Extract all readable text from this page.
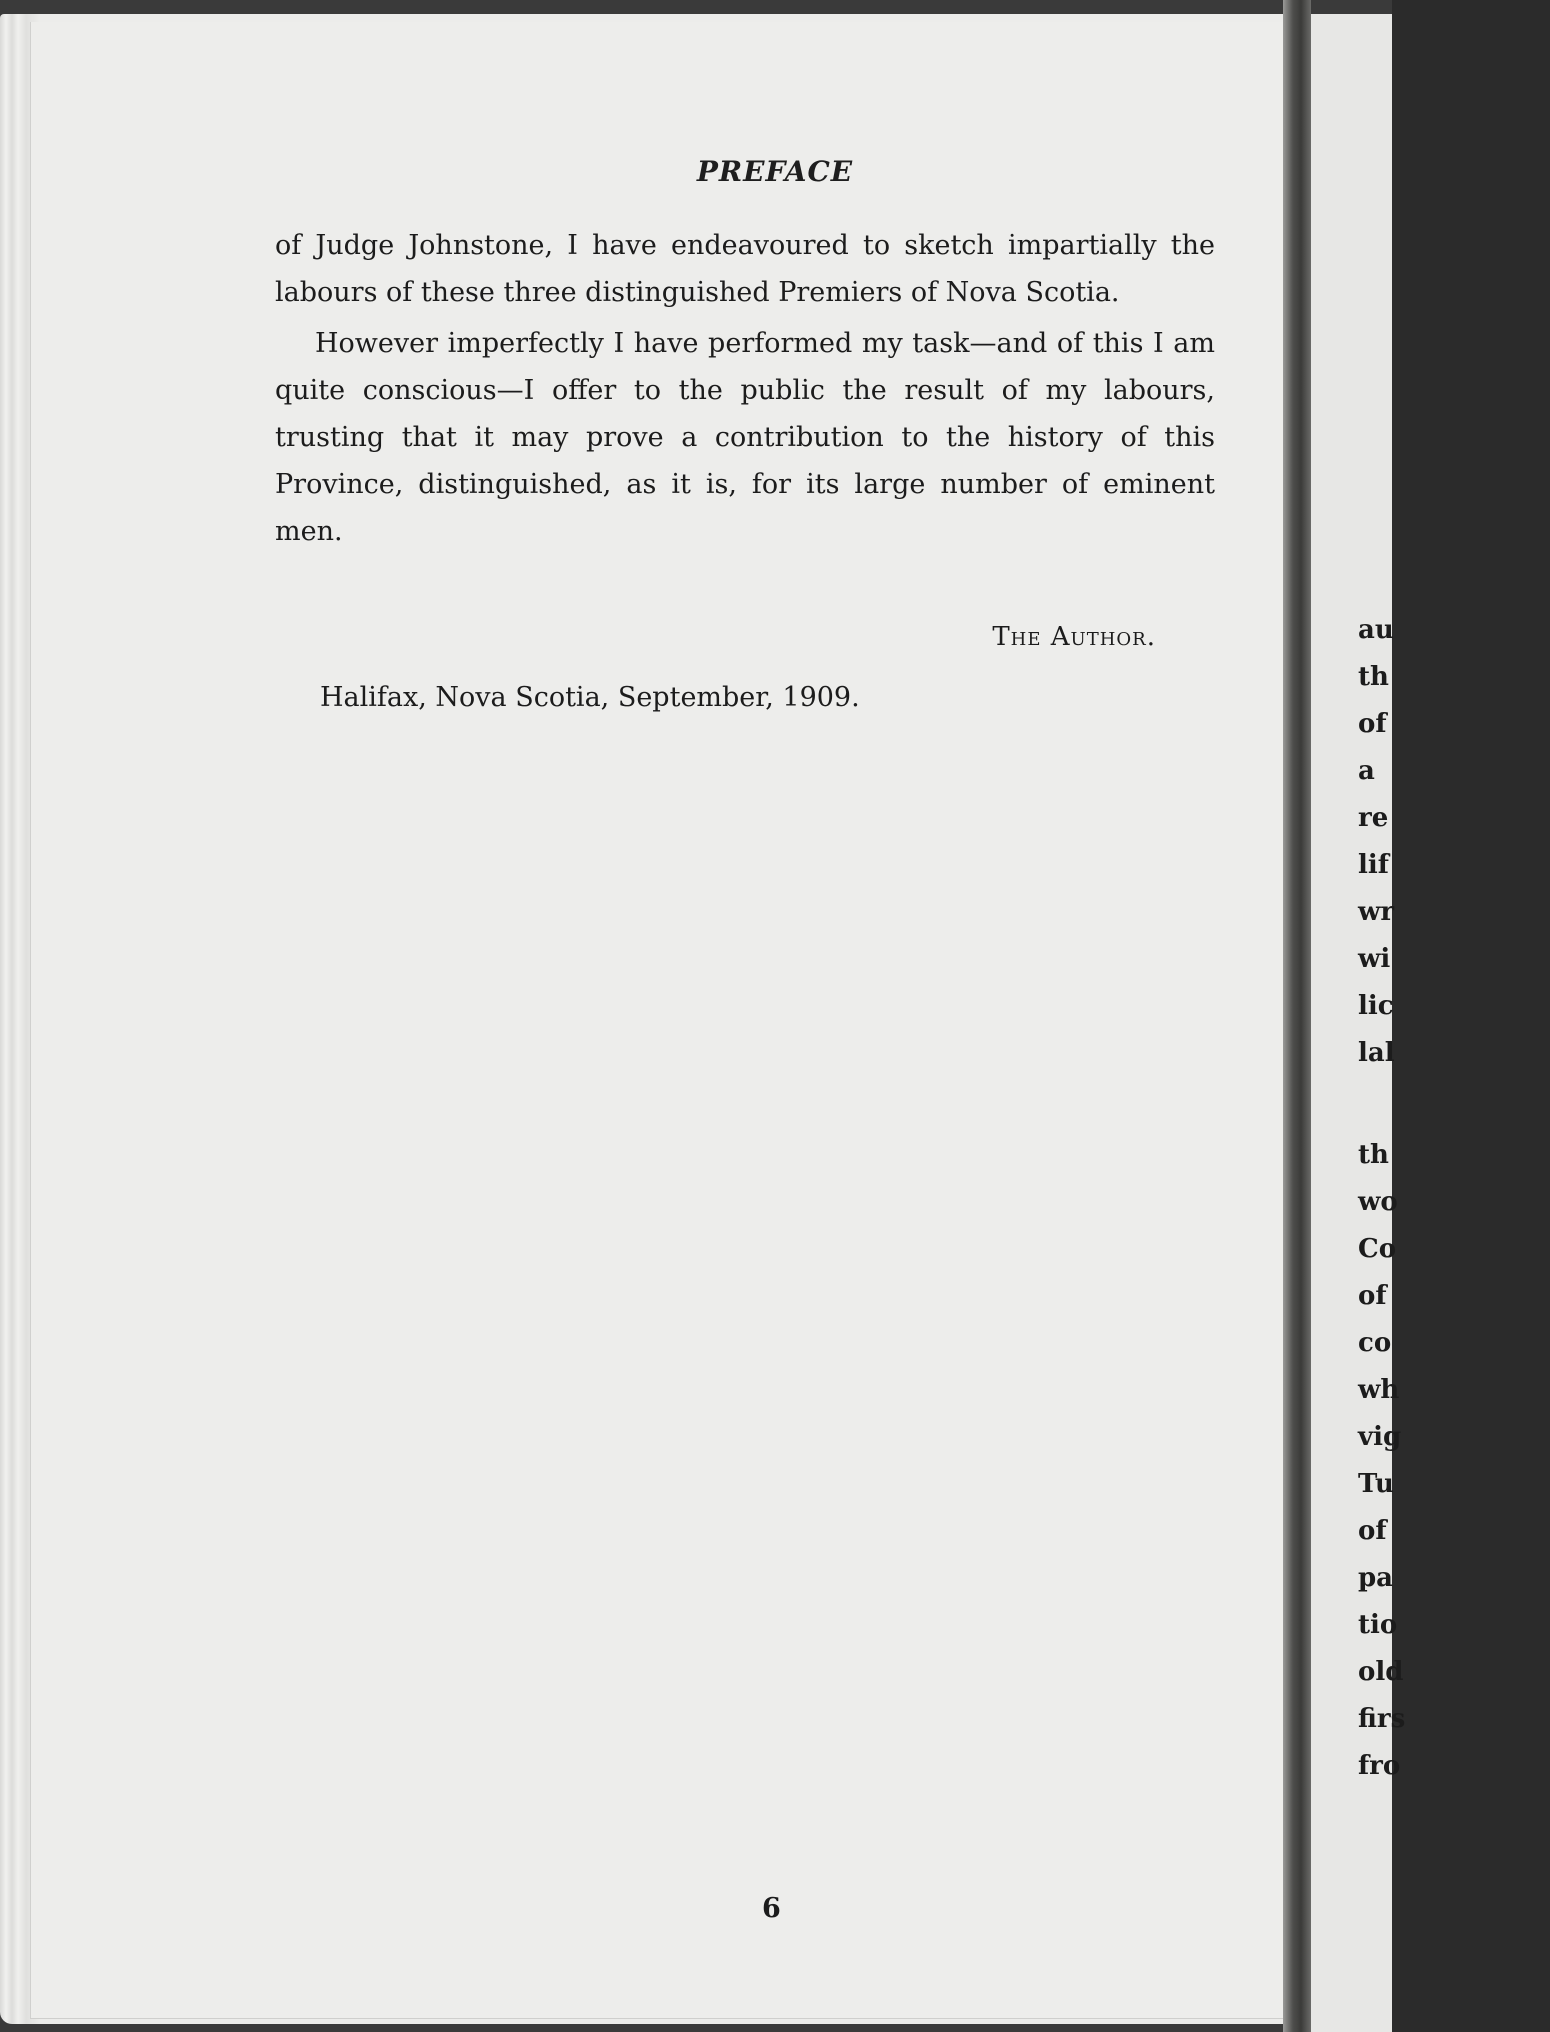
PREFACE

of Judge Johnstone, I have endeavoured to sketch impartially the labours of these three distinguished Premiers of Nova Scotia.

However imperfectly I have performed my task—and of this I am quite conscious—I offer to the public the result of my labours, trusting that it may prove a contribution to the history of this Province, distinguished, as it is, for its large number of eminent men.

The Author.
Halifax, Nova Scotia, September, 1909.
6
au
th
of
a
re
lif
wr
wi
lic
lal
th
wo
Co
of
co
wh
vig
Tu
of
pa
tio
old
firs
fro
